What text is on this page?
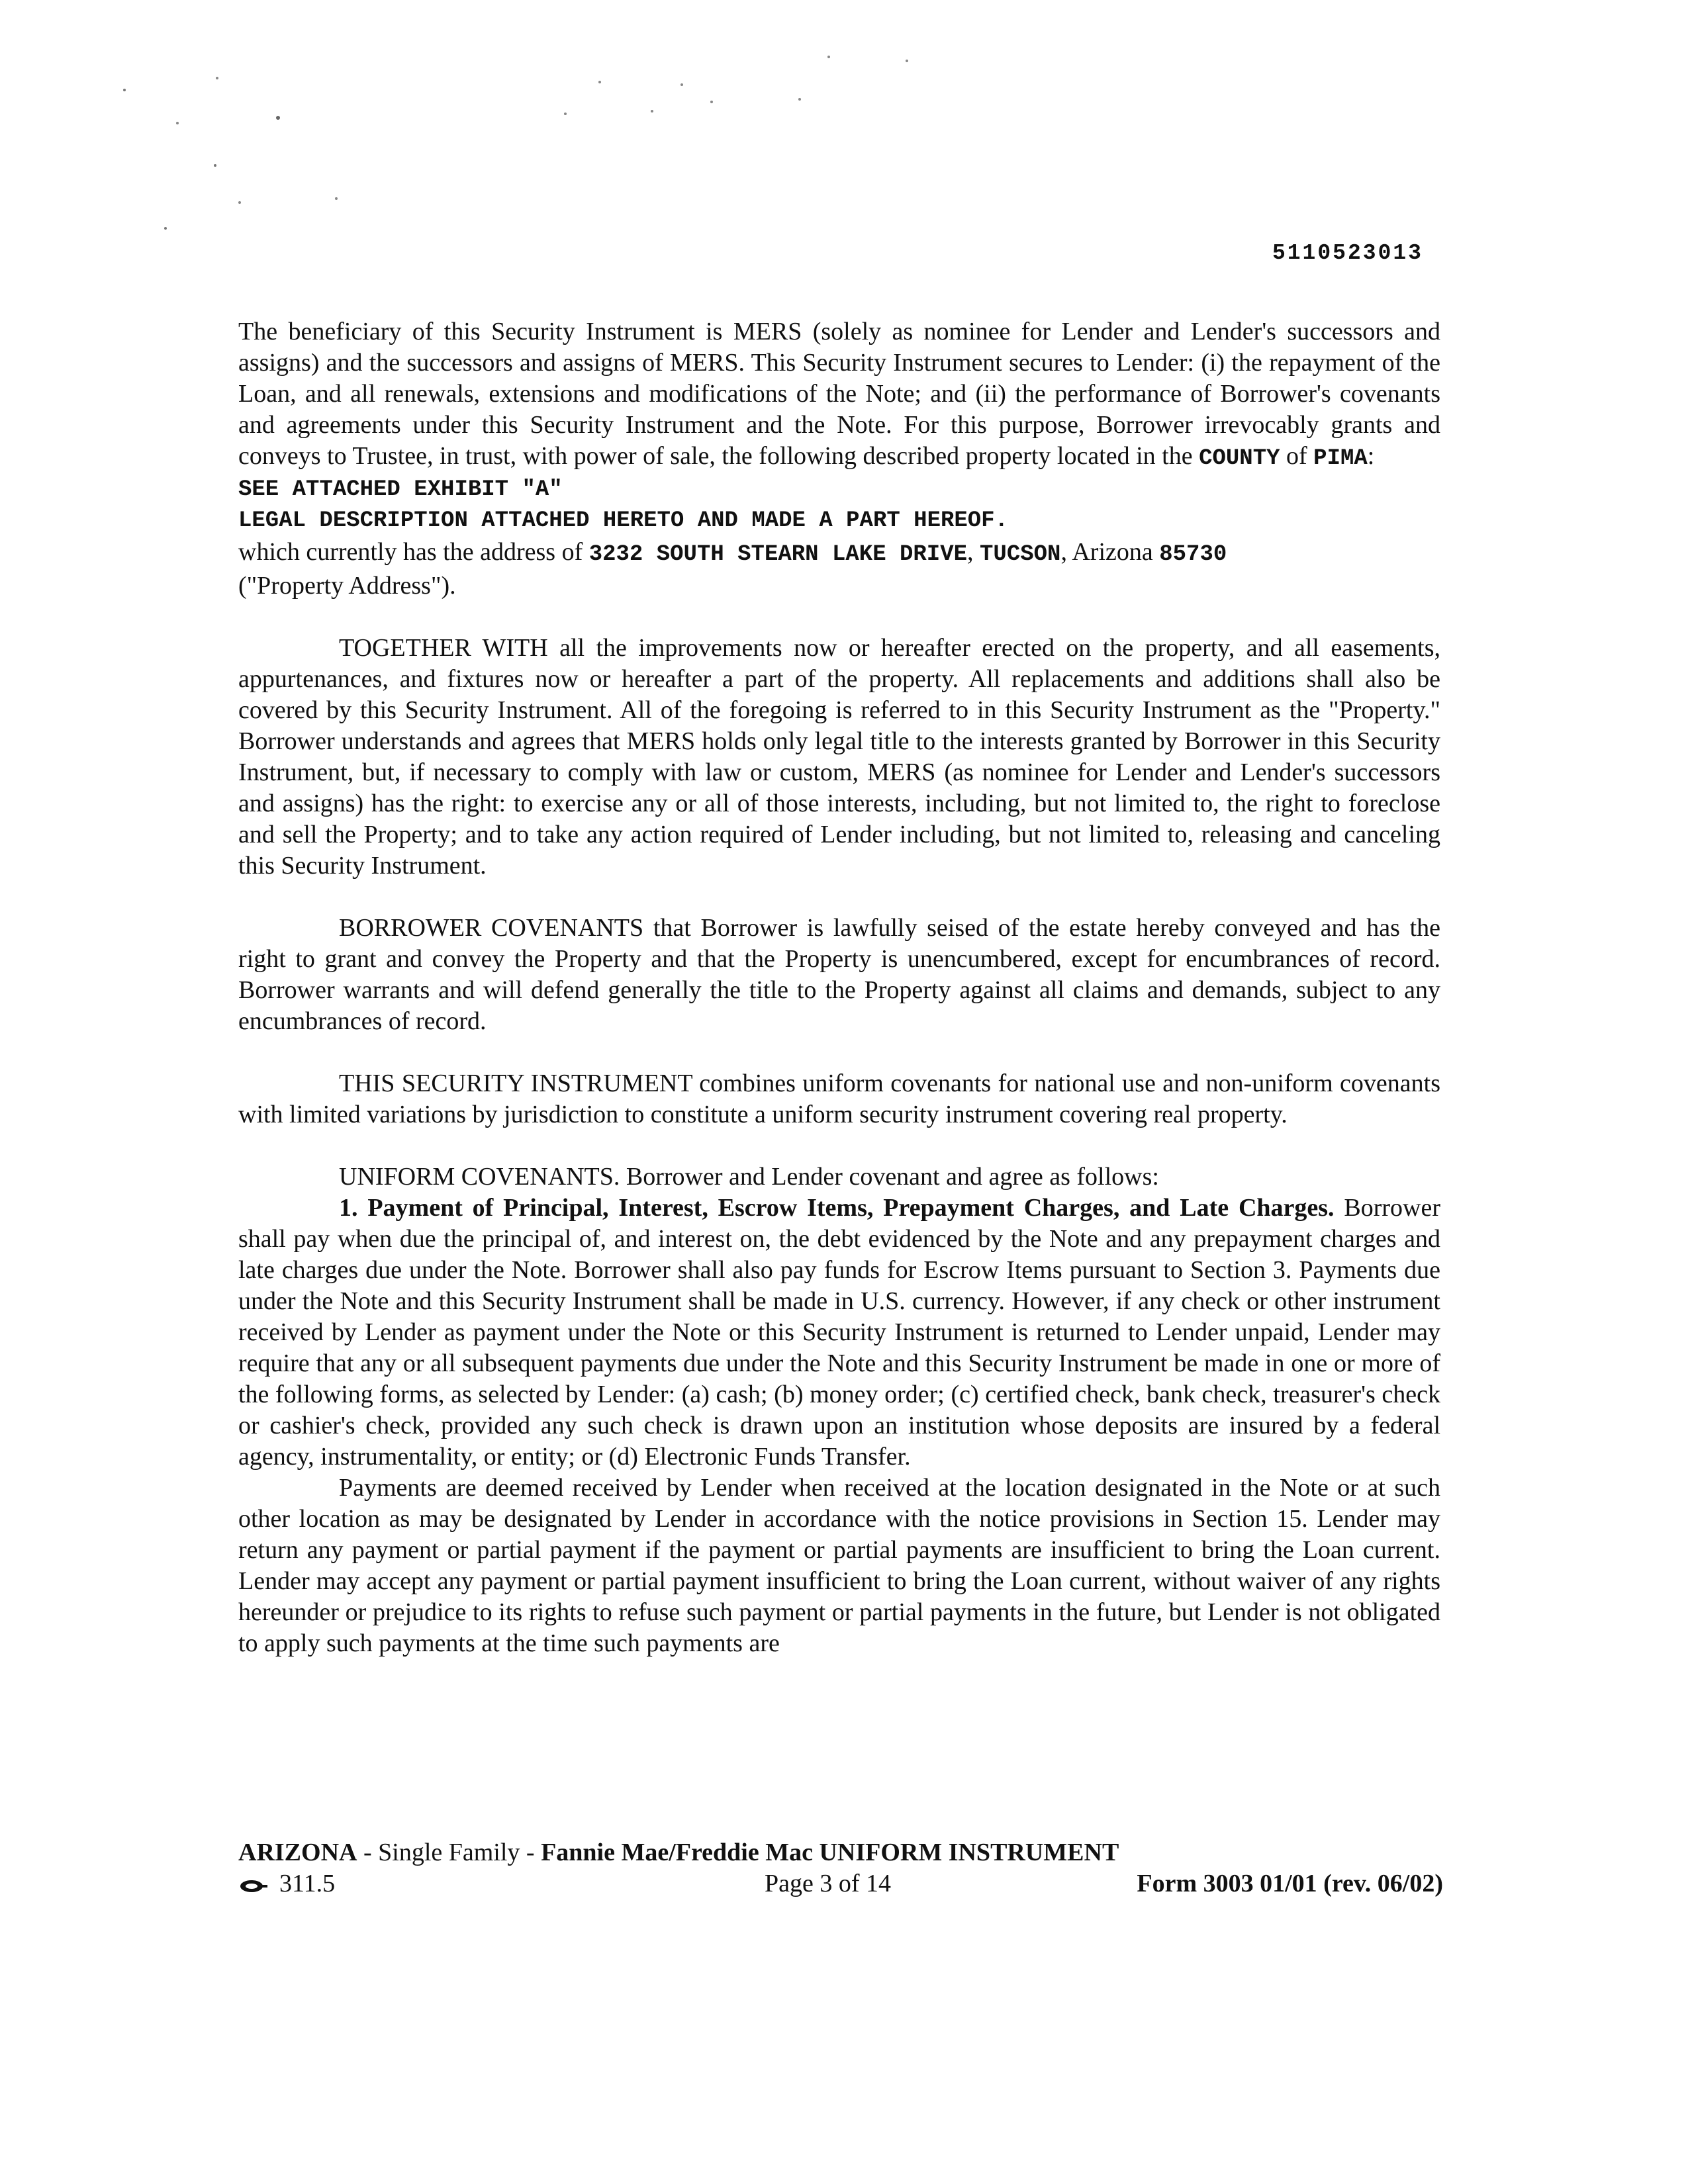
5110523013

The beneficiary of this Security Instrument is MERS (solely as nominee for Lender and Lender's successors and assigns) and the successors and assigns of MERS. This Security Instrument secures to Lender: (i) the repayment of the Loan, and all renewals, extensions and modifications of the Note; and (ii) the performance of Borrower's covenants and agreements under this Security Instrument and the Note. For this purpose, Borrower irrevocably grants and conveys to Trustee, in trust, with power of sale, the following described property located in the COUNTY of PIMA:

SEE ATTACHED EXHIBIT "A"

LEGAL DESCRIPTION ATTACHED HERETO AND MADE A PART HEREOF.

which currently has the address of 3232 SOUTH STEARN LAKE DRIVE, TUCSON, Arizona 85730
("Property Address").

TOGETHER WITH all the improvements now or hereafter erected on the property, and all easements, appurtenances, and fixtures now or hereafter a part of the property. All replacements and additions shall also be covered by this Security Instrument. All of the foregoing is referred to in this Security Instrument as the "Property." Borrower understands and agrees that MERS holds only legal title to the interests granted by Borrower in this Security Instrument, but, if necessary to comply with law or custom, MERS (as nominee for Lender and Lender's successors and assigns) has the right: to exercise any or all of those interests, including, but not limited to, the right to foreclose and sell the Property; and to take any action required of Lender including, but not limited to, releasing and canceling this Security Instrument.

BORROWER COVENANTS that Borrower is lawfully seised of the estate hereby conveyed and has the right to grant and convey the Property and that the Property is unencumbered, except for encumbrances of record. Borrower warrants and will defend generally the title to the Property against all claims and demands, subject to any encumbrances of record.

THIS SECURITY INSTRUMENT combines uniform covenants for national use and non-uniform covenants with limited variations by jurisdiction to constitute a uniform security instrument covering real property.

UNIFORM COVENANTS. Borrower and Lender covenant and agree as follows:

1. Payment of Principal, Interest, Escrow Items, Prepayment Charges, and Late Charges. Borrower shall pay when due the principal of, and interest on, the debt evidenced by the Note and any prepayment charges and late charges due under the Note. Borrower shall also pay funds for Escrow Items pursuant to Section 3. Payments due under the Note and this Security Instrument shall be made in U.S. currency. However, if any check or other instrument received by Lender as payment under the Note or this Security Instrument is returned to Lender unpaid, Lender may require that any or all subsequent payments due under the Note and this Security Instrument be made in one or more of the following forms, as selected by Lender: (a) cash; (b) money order; (c) certified check, bank check, treasurer's check or cashier's check, provided any such check is drawn upon an institution whose deposits are insured by a federal agency, instrumentality, or entity; or (d) Electronic Funds Transfer.

Payments are deemed received by Lender when received at the location designated in the Note or at such other location as may be designated by Lender in accordance with the notice provisions in Section 15. Lender may return any payment or partial payment if the payment or partial payments are insufficient to bring the Loan current. Lender may accept any payment or partial payment insufficient to bring the Loan current, without waiver of any rights hereunder or prejudice to its rights to refuse such payment or partial payments in the future, but Lender is not obligated to apply such payments at the time such payments are

ARIZONA - Single Family - Fannie Mae/Freddie Mac UNIFORM INSTRUMENT
311.5	Page 3 of 14	Form 3003 01/01 (rev. 06/02)
